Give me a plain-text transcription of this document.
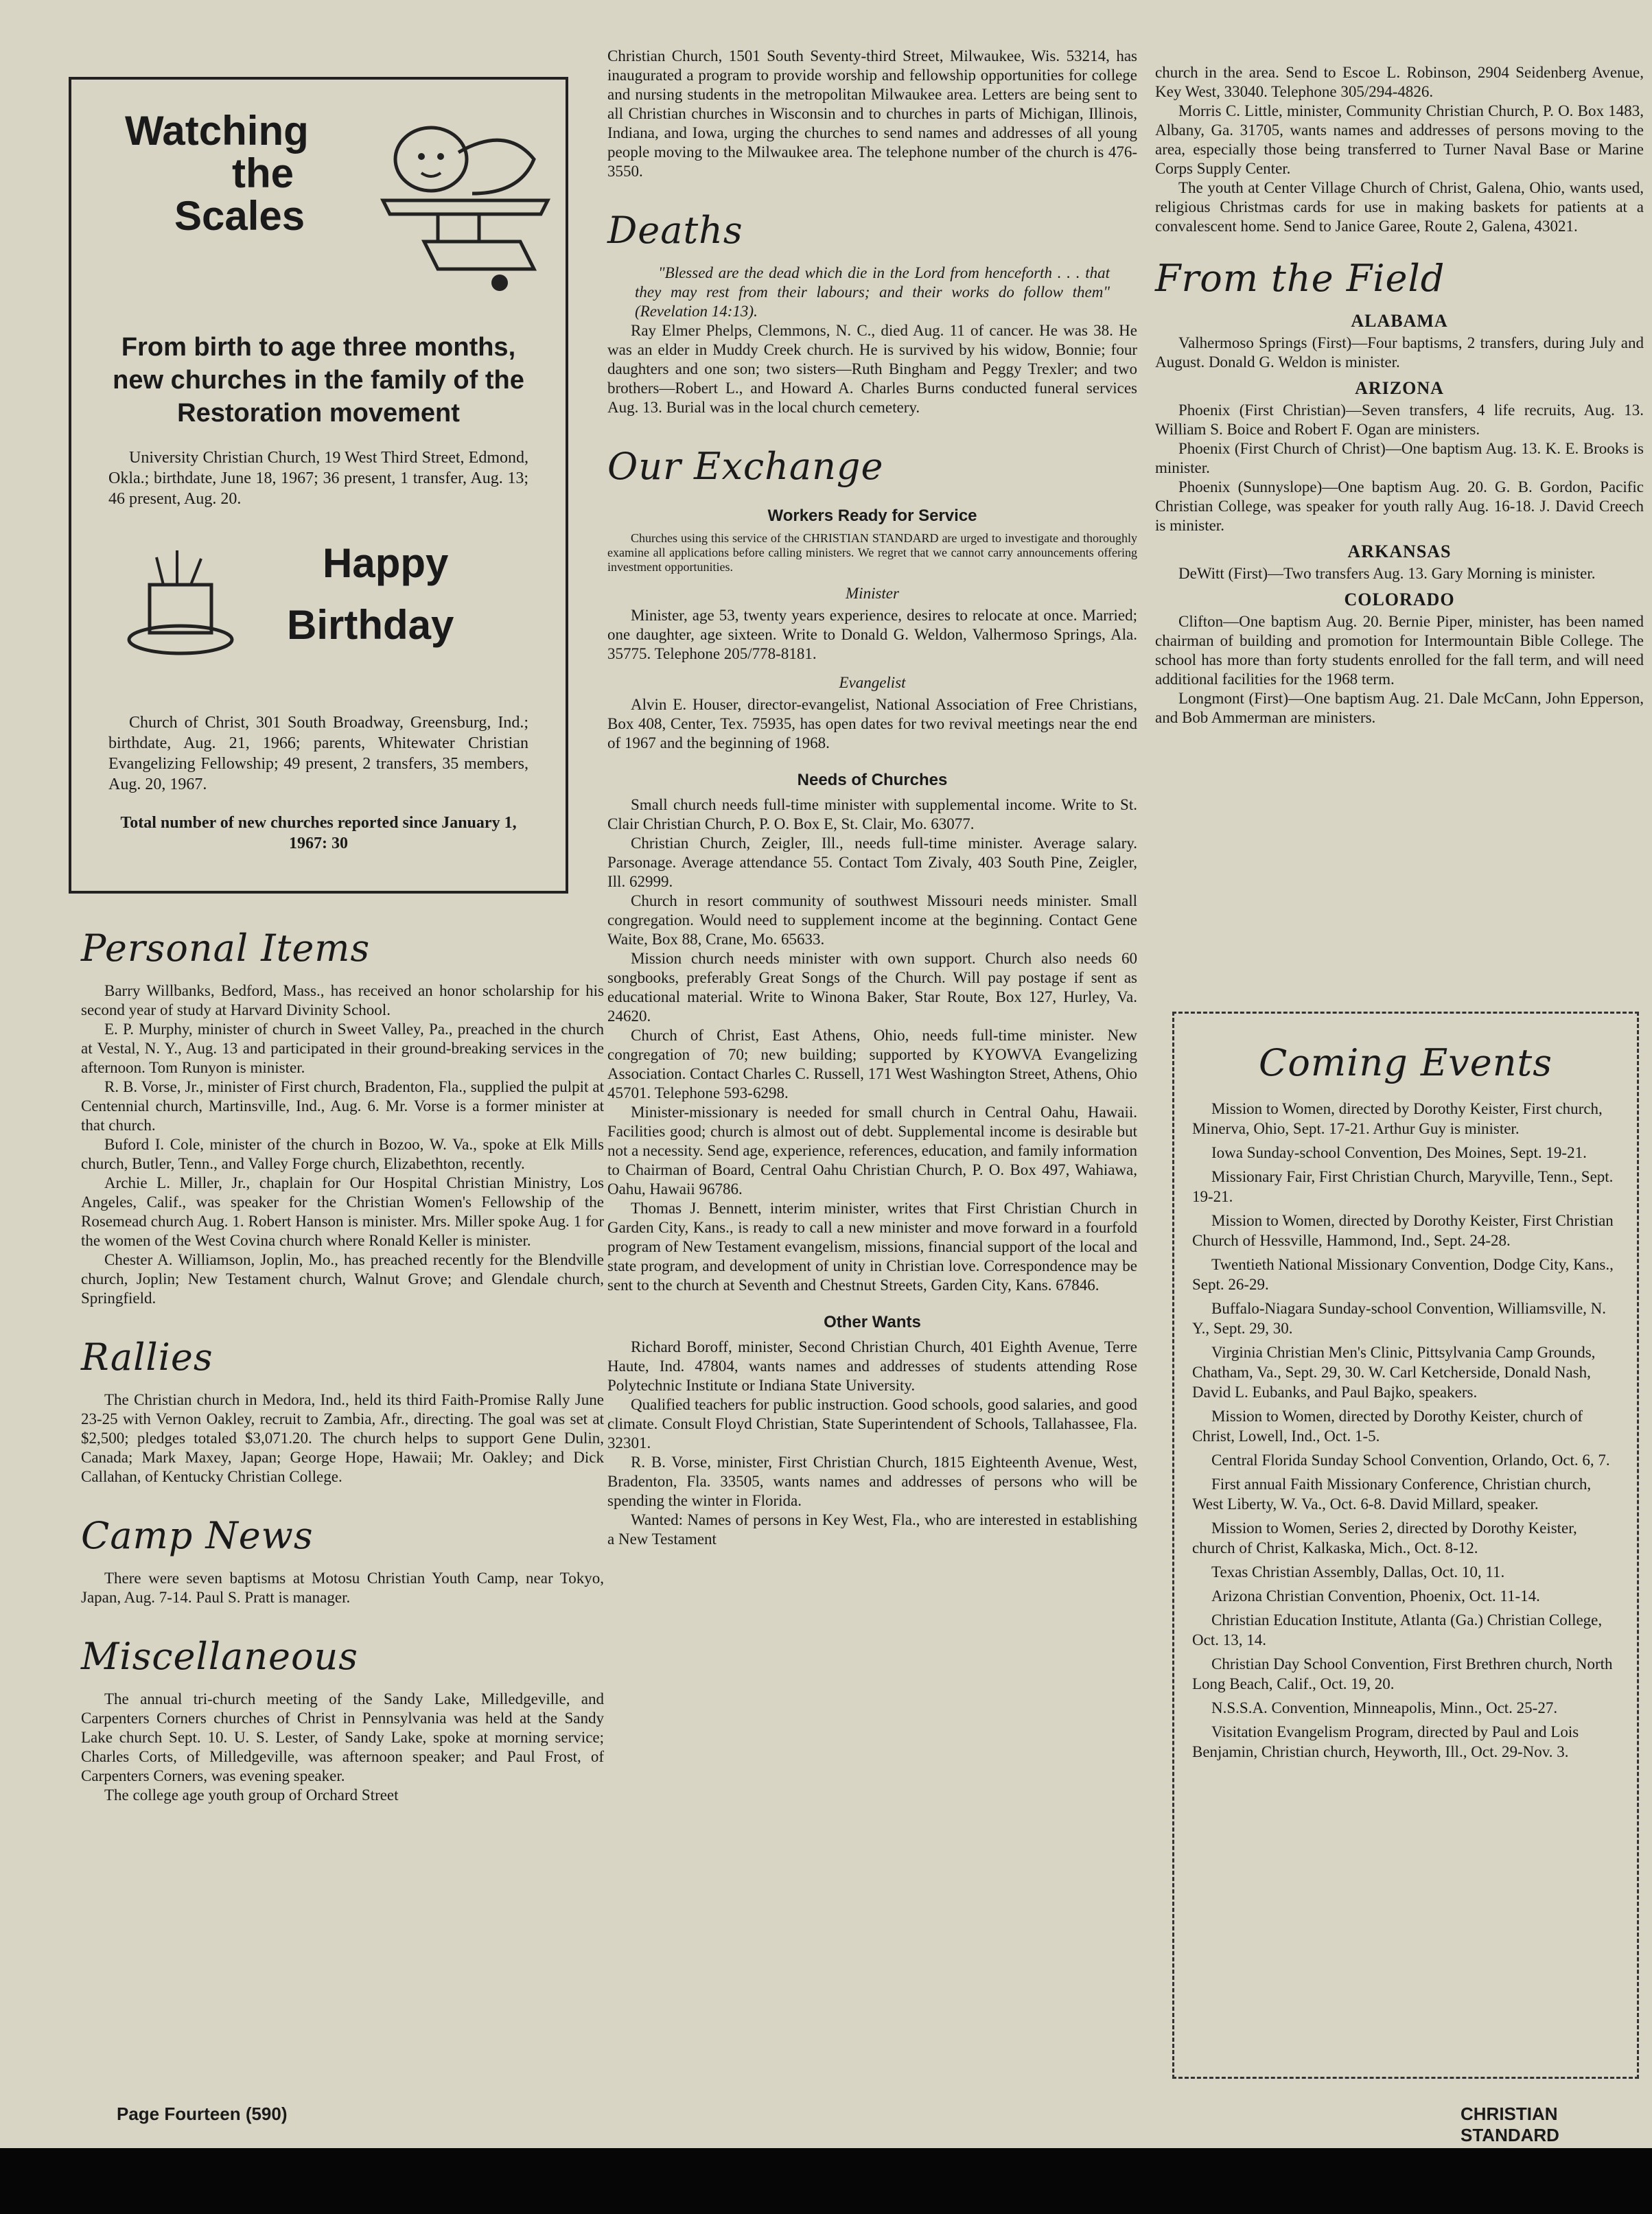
Watching
the
Scales
From birth to age three months, new churches in the family of the Restoration movement

University Christian Church, 19 West Third Street, Edmond, Okla.; birthdate, June 18, 1967; 36 present, 1 transfer, Aug. 13; 46 present, Aug. 20.

Happy
Birthday

Church of Christ, 301 South Broadway, Greensburg, Ind.; birthdate, Aug. 21, 1966; parents, Whitewater Christian Evangelizing Fellowship; 49 present, 2 transfers, 35 members, Aug. 20, 1967.

Total number of new churches reported since January 1, 1967: 30

Personal Items

Barry Willbanks, Bedford, Mass., has received an honor scholarship for his second year of study at Harvard Divinity School.

E. P. Murphy, minister of church in Sweet Valley, Pa., preached in the church at Vestal, N. Y., Aug. 13 and participated in their ground-breaking services in the afternoon. Tom Runyon is minister.

R. B. Vorse, Jr., minister of First church, Bradenton, Fla., supplied the pulpit at Centennial church, Martinsville, Ind., Aug. 6. Mr. Vorse is a former minister at that church.

Buford I. Cole, minister of the church in Bozoo, W. Va., spoke at Elk Mills church, Butler, Tenn., and Valley Forge church, Elizabethton, recently.

Archie L. Miller, Jr., chaplain for Our Hospital Christian Ministry, Los Angeles, Calif., was speaker for the Christian Women's Fellowship of the Rosemead church Aug. 1. Robert Hanson is minister. Mrs. Miller spoke Aug. 1 for the women of the West Covina church where Ronald Keller is minister.

Chester A. Williamson, Joplin, Mo., has preached recently for the Blendville church, Joplin; New Testament church, Walnut Grove; and Glendale church, Springfield.

Rallies

The Christian church in Medora, Ind., held its third Faith-Promise Rally June 23-25 with Vernon Oakley, recruit to Zambia, Afr., directing. The goal was set at $2,500; pledges totaled $3,071.20. The church helps to support Gene Dulin, Canada; Mark Maxey, Japan; George Hope, Hawaii; Mr. Oakley; and Dick Callahan, of Kentucky Christian College.

Camp News

There were seven baptisms at Motosu Christian Youth Camp, near Tokyo, Japan, Aug. 7-14. Paul S. Pratt is manager.

Miscellaneous

The annual tri-church meeting of the Sandy Lake, Milledgeville, and Carpenters Corners churches of Christ in Pennsylvania was held at the Sandy Lake church Sept. 10. U. S. Lester, of Sandy Lake, spoke at morning service; Charles Corts, of Milledgeville, was afternoon speaker; and Paul Frost, of Carpenters Corners, was evening speaker.

The college age youth group of Orchard Street

Christian Church, 1501 South Seventy-third Street, Milwaukee, Wis. 53214, has inaugurated a program to provide worship and fellowship opportunities for college and nursing students in the metropolitan Milwaukee area. Letters are being sent to all Christian churches in Wisconsin and to churches in parts of Michigan, Illinois, Indiana, and Iowa, urging the churches to send names and addresses of all young people moving to the Milwaukee area. The telephone number of the church is 476-3550.

Deaths

"Blessed are the dead which die in the Lord from henceforth . . . that they may rest from their labours; and their works do follow them" (Revelation 14:13).

Ray Elmer Phelps, Clemmons, N. C., died Aug. 11 of cancer. He was 38. He was an elder in Muddy Creek church. He is survived by his widow, Bonnie; four daughters and one son; two sisters—Ruth Bingham and Peggy Trexler; and two brothers—Robert L., and Howard A. Charles Burns conducted funeral services Aug. 13. Burial was in the local church cemetery.

Our Exchange
Workers Ready for Service

Churches using this service of the CHRISTIAN STANDARD are urged to investigate and thoroughly examine all applications before calling ministers. We regret that we cannot carry announcements offering investment opportunities.

Minister

Minister, age 53, twenty years experience, desires to relocate at once. Married; one daughter, age sixteen. Write to Donald G. Weldon, Valhermoso Springs, Ala. 35775. Telephone 205/778-8181.

Evangelist

Alvin E. Houser, director-evangelist, National Association of Free Christians, Box 408, Center, Tex. 75935, has open dates for two revival meetings near the end of 1967 and the beginning of 1968.

Needs of Churches

Small church needs full-time minister with supplemental income. Write to St. Clair Christian Church, P. O. Box E, St. Clair, Mo. 63077.

Christian Church, Zeigler, Ill., needs full-time minister. Average salary. Parsonage. Average attendance 55. Contact Tom Zivaly, 403 South Pine, Zeigler, Ill. 62999.

Church in resort community of southwest Missouri needs minister. Small congregation. Would need to supplement income at the beginning. Contact Gene Waite, Box 88, Crane, Mo. 65633.

Mission church needs minister with own support. Church also needs 60 songbooks, preferably Great Songs of the Church. Will pay postage if sent as educational material. Write to Winona Baker, Star Route, Box 127, Hurley, Va. 24620.

Church of Christ, East Athens, Ohio, needs full-time minister. New congregation of 70; new building; supported by KYOWVA Evangelizing Association. Contact Charles C. Russell, 171 West Washington Street, Athens, Ohio 45701. Telephone 593-6298.

Minister-missionary is needed for small church in Central Oahu, Hawaii. Facilities good; church is almost out of debt. Supplemental income is desirable but not a necessity. Send age, experience, references, education, and family information to Chairman of Board, Central Oahu Christian Church, P. O. Box 497, Wahiawa, Oahu, Hawaii 96786.

Thomas J. Bennett, interim minister, writes that First Christian Church in Garden City, Kans., is ready to call a new minister and move forward in a fourfold program of New Testament evangelism, missions, financial support of the local and state program, and development of unity in Christian love. Correspondence may be sent to the church at Seventh and Chestnut Streets, Garden City, Kans. 67846.

Other Wants

Richard Boroff, minister, Second Christian Church, 401 Eighth Avenue, Terre Haute, Ind. 47804, wants names and addresses of students attending Rose Polytechnic Institute or Indiana State University.

Qualified teachers for public instruction. Good schools, good salaries, and good climate. Consult Floyd Christian, State Superintendent of Schools, Tallahassee, Fla. 32301.

R. B. Vorse, minister, First Christian Church, 1815 Eighteenth Avenue, West, Bradenton, Fla. 33505, wants names and addresses of persons who will be spending the winter in Florida.

Wanted: Names of persons in Key West, Fla., who are interested in establishing a New Testament

church in the area. Send to Escoe L. Robinson, 2904 Seidenberg Avenue, Key West, 33040. Telephone 305/294-4826.

Morris C. Little, minister, Community Christian Church, P. O. Box 1483, Albany, Ga. 31705, wants names and addresses of persons moving to the area, especially those being transferred to Turner Naval Base or Marine Corps Supply Center.

The youth at Center Village Church of Christ, Galena, Ohio, wants used, religious Christmas cards for use in making baskets for patients at a convalescent home. Send to Janice Garee, Route 2, Galena, 43021.

From the Field
ALABAMA

Valhermoso Springs (First)—Four baptisms, 2 transfers, during July and August. Donald G. Weldon is minister.

ARIZONA

Phoenix (First Christian)—Seven transfers, 4 life recruits, Aug. 13. William S. Boice and Robert F. Ogan are ministers.

Phoenix (First Church of Christ)—One baptism Aug. 13. K. E. Brooks is minister.

Phoenix (Sunnyslope)—One baptism Aug. 20. G. B. Gordon, Pacific Christian College, was speaker for youth rally Aug. 16-18. J. David Creech is minister.

ARKANSAS

DeWitt (First)—Two transfers Aug. 13. Gary Morning is minister.

COLORADO

Clifton—One baptism Aug. 20. Bernie Piper, minister, has been named chairman of building and promotion for Intermountain Bible College. The school has more than forty students enrolled for the fall term, and will need additional facilities for the 1968 term.

Longmont (First)—One baptism Aug. 21. Dale McCann, John Epperson, and Bob Ammerman are ministers.

Coming Events

Mission to Women, directed by Dorothy Keister, First church, Minerva, Ohio, Sept. 17-21. Arthur Guy is minister.

Iowa Sunday-school Convention, Des Moines, Sept. 19-21.

Missionary Fair, First Christian Church, Maryville, Tenn., Sept. 19-21.

Mission to Women, directed by Dorothy Keister, First Christian Church of Hessville, Hammond, Ind., Sept. 24-28.

Twentieth National Missionary Convention, Dodge City, Kans., Sept. 26-29.

Buffalo-Niagara Sunday-school Convention, Williamsville, N. Y., Sept. 29, 30.

Virginia Christian Men's Clinic, Pittsylvania Camp Grounds, Chatham, Va., Sept. 29, 30. W. Carl Ketcherside, Donald Nash, David L. Eubanks, and Paul Bajko, speakers.

Mission to Women, directed by Dorothy Keister, church of Christ, Lowell, Ind., Oct. 1-5.

Central Florida Sunday School Convention, Orlando, Oct. 6, 7.

First annual Faith Missionary Conference, Christian church, West Liberty, W. Va., Oct. 6-8. David Millard, speaker.

Mission to Women, Series 2, directed by Dorothy Keister, church of Christ, Kalkaska, Mich., Oct. 8-12.

Texas Christian Assembly, Dallas, Oct. 10, 11.

Arizona Christian Convention, Phoenix, Oct. 11-14.

Christian Education Institute, Atlanta (Ga.) Christian College, Oct. 13, 14.

Christian Day School Convention, First Brethren church, North Long Beach, Calif., Oct. 19, 20.

N.S.S.A. Convention, Minneapolis, Minn., Oct. 25-27.

Visitation Evangelism Program, directed by Paul and Lois Benjamin, Christian church, Heyworth, Ill., Oct. 29-Nov. 3.

Page Fourteen (590)	CHRISTIAN STANDARD
